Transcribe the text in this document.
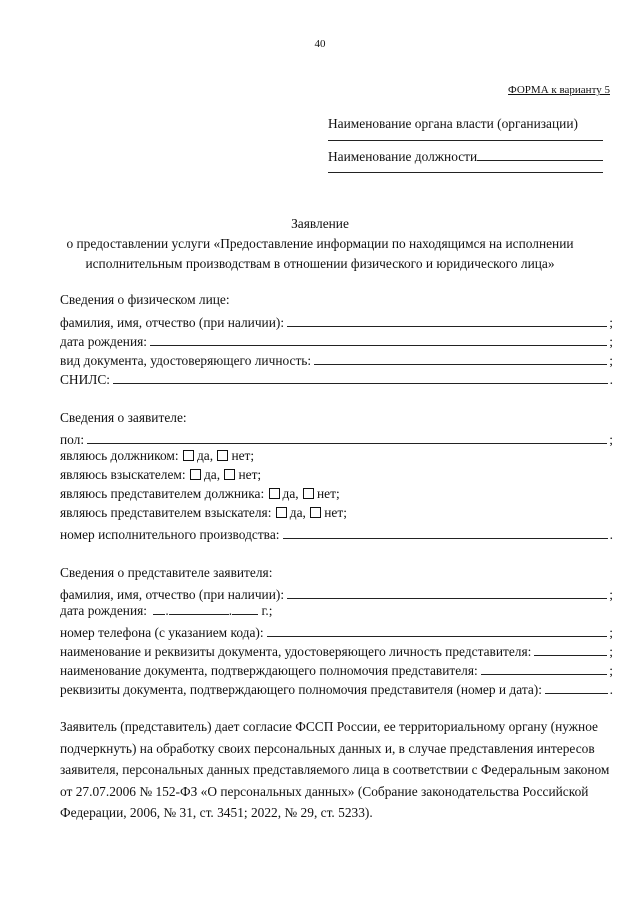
40
ФОРМА к варианту 5
Наименование органа власти (организации)
Наименование должности
Заявление
о предоставлении услуги «Предоставление информации по находящимся на исполнении
исполнительным производствам в отношении физического и юридического лица»
Сведения о физическом лице:
фамилия, имя, отчество (при наличии):	;
дата рождения:	;
вид документа, удостоверяющего личность:	;
СНИЛС:	.
Сведения о заявителе:
пол:	;
являюсь должником: да, нет;
являюсь взыскателем: да, нет;
являюсь представителем должника: да, нет;
являюсь представителем взыскателя: да, нет;
номер исполнительного производства:	.
Сведения о представителе заявителя:
фамилия, имя, отчество (при наличии):	;
дата рождения: .	. г.;
номер телефона (с указанием кода):	;
наименование и реквизиты документа, удостоверяющего личность представителя:	;
наименование документа, подтверждающего полномочия представителя:	;
реквизиты документа, подтверждающего полномочия представителя (номер и дата):	.
Заявитель (представитель) дает согласие ФССП России, ее территориальному органу (нужное подчеркнуть) на обработку своих персональных данных и, в случае представления интересов заявителя, персональных данных представляемого лица в соответствии с Федеральным законом от 27.07.2006 № 152-ФЗ «О персональных данных» (Собрание законодательства Российской Федерации, 2006, № 31, ст. 3451; 2022, № 29, ст. 5233).
